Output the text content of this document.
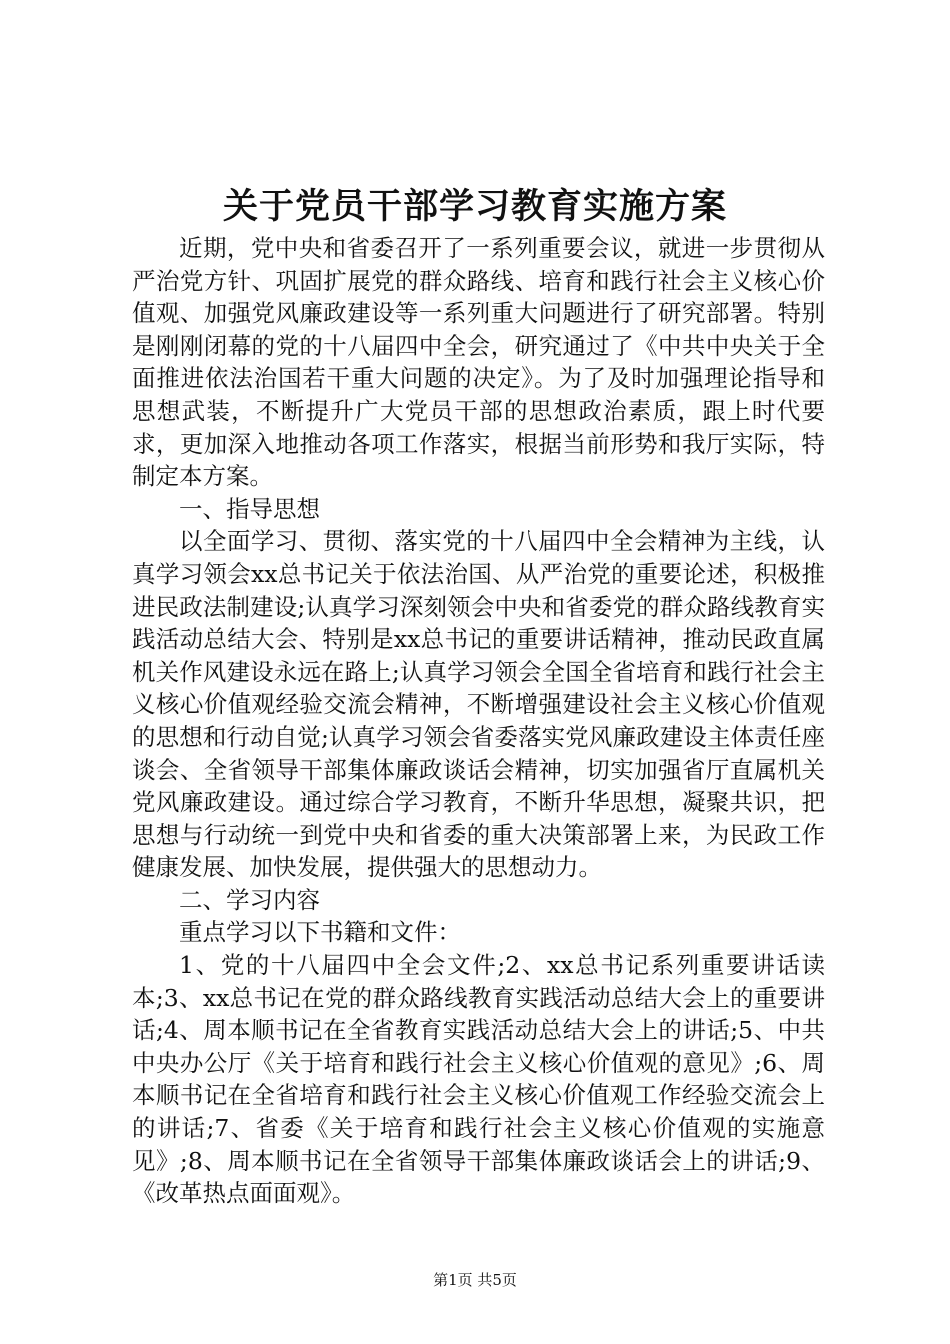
关于党员干部学习教育实施方案

近期，党中央和省委召开了一系列重要会议，就进一步贯彻从严治党方针、巩固扩展党的群众路线、培育和践行社会主义核心价值观、加强党风廉政建设等一系列重大问题进行了研究部署。特别是刚刚闭幕的党的十八届四中全会，研究通过了《中共中央关于全面推进依法治国若干重大问题的决定》。为了及时加强理论指导和思想武装，不断提升广大党员干部的思想政治素质，跟上时代要求，更加深入地推动各项工作落实，根据当前形势和我厅实际，特制定本方案。

一、指导思想

以全面学习、贯彻、落实党的十八届四中全会精神为主线，认真学习领会xx总书记关于依法治国、从严治党的重要论述，积极推进民政法制建设;认真学习深刻领会中央和省委党的群众路线教育实践活动总结大会、特别是xx总书记的重要讲话精神，推动民政直属机关作风建设永远在路上;认真学习领会全国全省培育和践行社会主义核心价值观经验交流会精神，不断增强建设社会主义核心价值观的思想和行动自觉;认真学习领会省委落实党风廉政建设主体责任座谈会、全省领导干部集体廉政谈话会精神，切实加强省厅直属机关党风廉政建设。通过综合学习教育，不断升华思想，凝聚共识，把思想与行动统一到党中央和省委的重大决策部署上来，为民政工作健康发展、加快发展，提供强大的思想动力。

二、学习内容

重点学习以下书籍和文件：

1、党的十八届四中全会文件;2、xx总书记系列重要讲话读本;3、xx总书记在党的群众路线教育实践活动总结大会上的重要讲话;4、周本顺书记在全省教育实践活动总结大会上的讲话;5、中共中央办公厅《关于培育和践行社会主义核心价值观的意见》;6、周本顺书记在全省培育和践行社会主义核心价值观工作经验交流会上的讲话;7、省委《关于培育和践行社会主义核心价值观的实施意见》;8、周本顺书记在全省领导干部集体廉政谈话会上的讲话;9、《改革热点面面观》。

第1页 共5页
